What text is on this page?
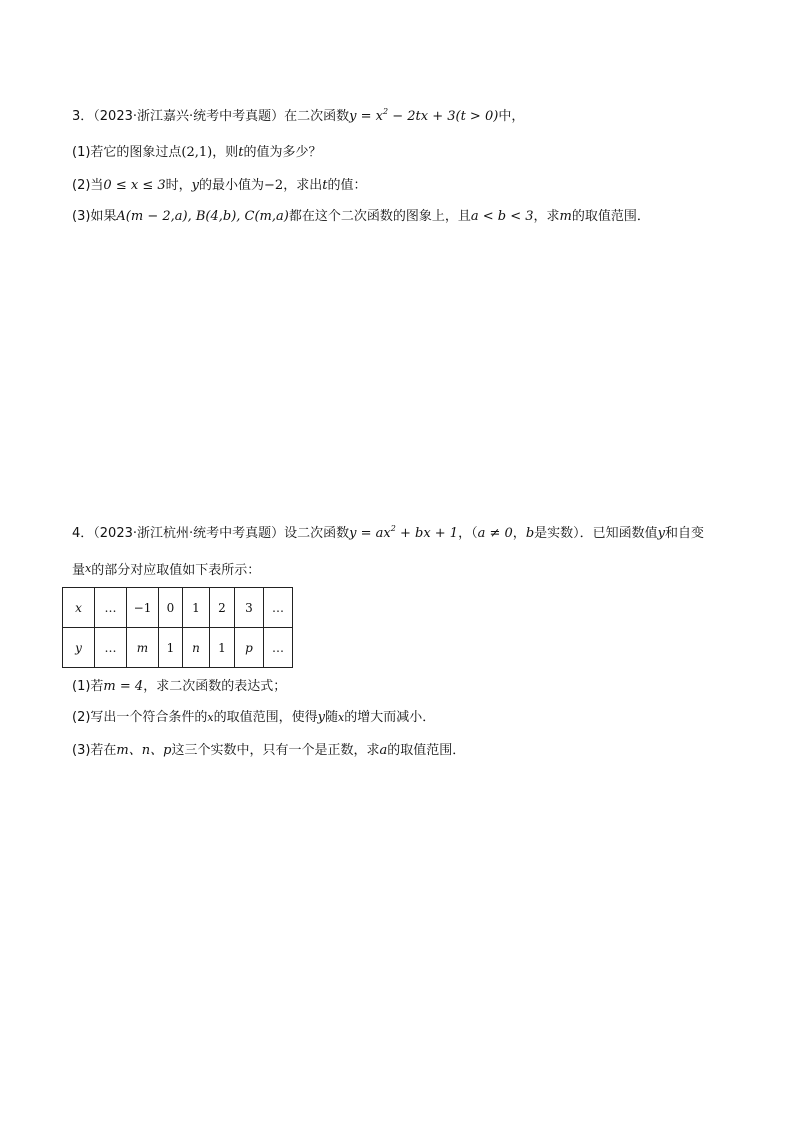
3．（2023·浙江嘉兴·统考中考真题）在二次函数$y = x^2 - 2tx + 3(t > 0)$中，
(1)若它的图象过点(2,1)，则t的值为多少？
(2)当0 ≤ x ≤ 3时，y的最小值为−2，求出t的值：
(3)如果A(m − 2,a), B(4,b), C(m,a)都在这个二次函数的图象上，且a < b < 3，求m的取值范围．
4．（2023·浙江杭州·统考中考真题）设二次函数$y = ax^2$ + bx + 1，（a ≠ 0，b是实数）．已知函数值y和自变
量x的部分对应取值如下表所示：
x	…	−1	0	1	2	3	…
y	…	m	1	n	1	p	…
(1)若m = 4，求二次函数的表达式；
(2)写出一个符合条件的x的取值范围，使得y随x的增大而减小．
(3)若在m、n、p这三个实数中，只有一个是正数，求a的取值范围．
